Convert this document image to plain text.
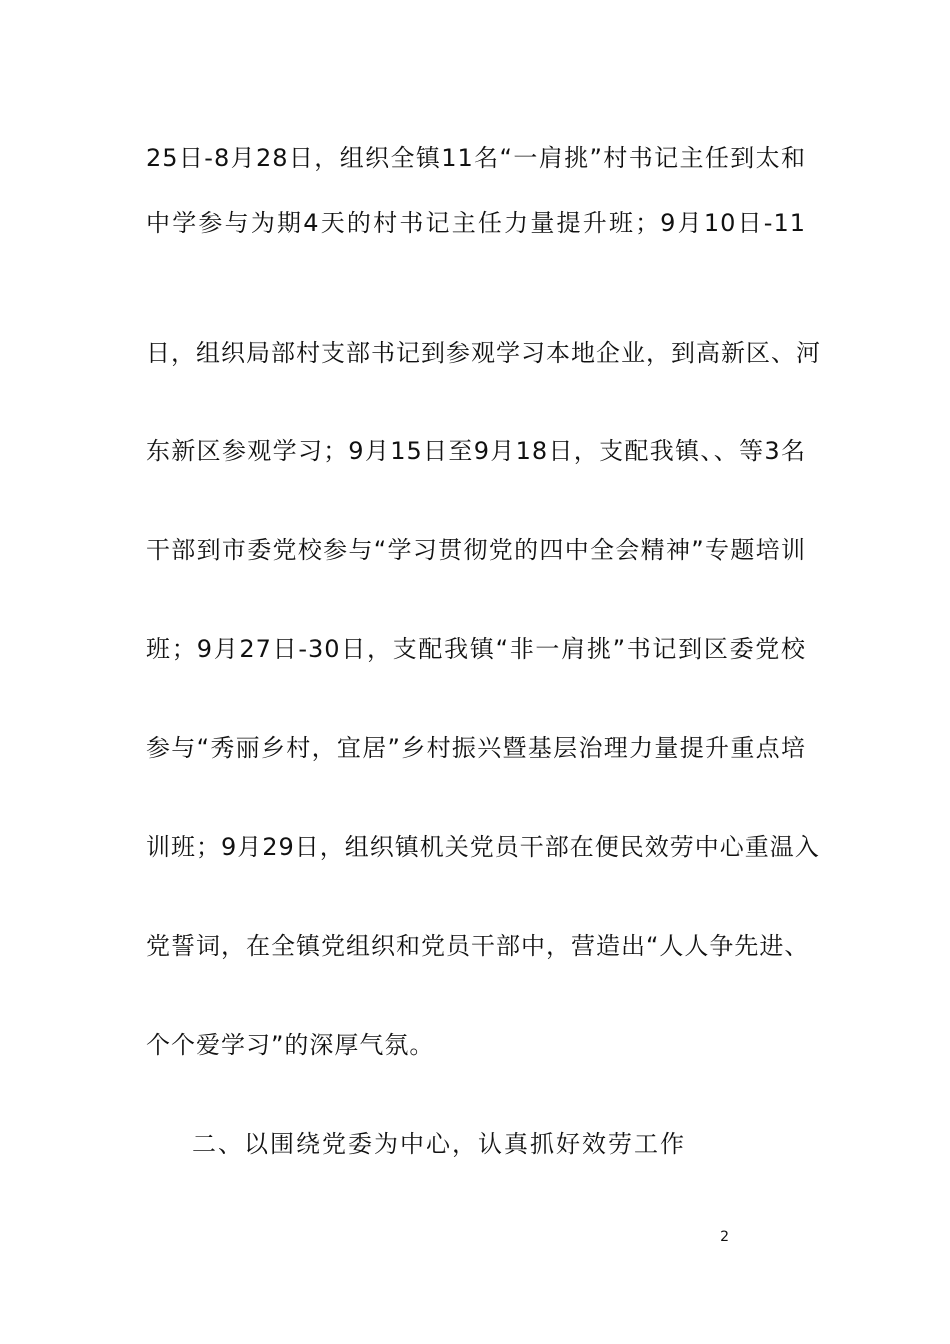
25日-8月28日，组织全镇11名“一肩挑”村书记主任到太和
中学参与为期4天的村书记主任力量提升班；9月10日-11
日，组织局部村支部书记到参观学习本地企业，到高新区、河
东新区参观学习；9月15日至9月18日，支配我镇、、等3名
干部到市委党校参与“学习贯彻党的四中全会精神”专题培训
班；9月27日-30日，支配我镇“非一肩挑”书记到区委党校
参与“秀丽乡村，宜居”乡村振兴暨基层治理力量提升重点培
训班；9月29日，组织镇机关党员干部在便民效劳中心重温入
党誓词，在全镇党组织和党员干部中，营造出“人人争先进、
个个爱学习”的深厚气氛。
二、以围绕党委为中心，认真抓好效劳工作
2
